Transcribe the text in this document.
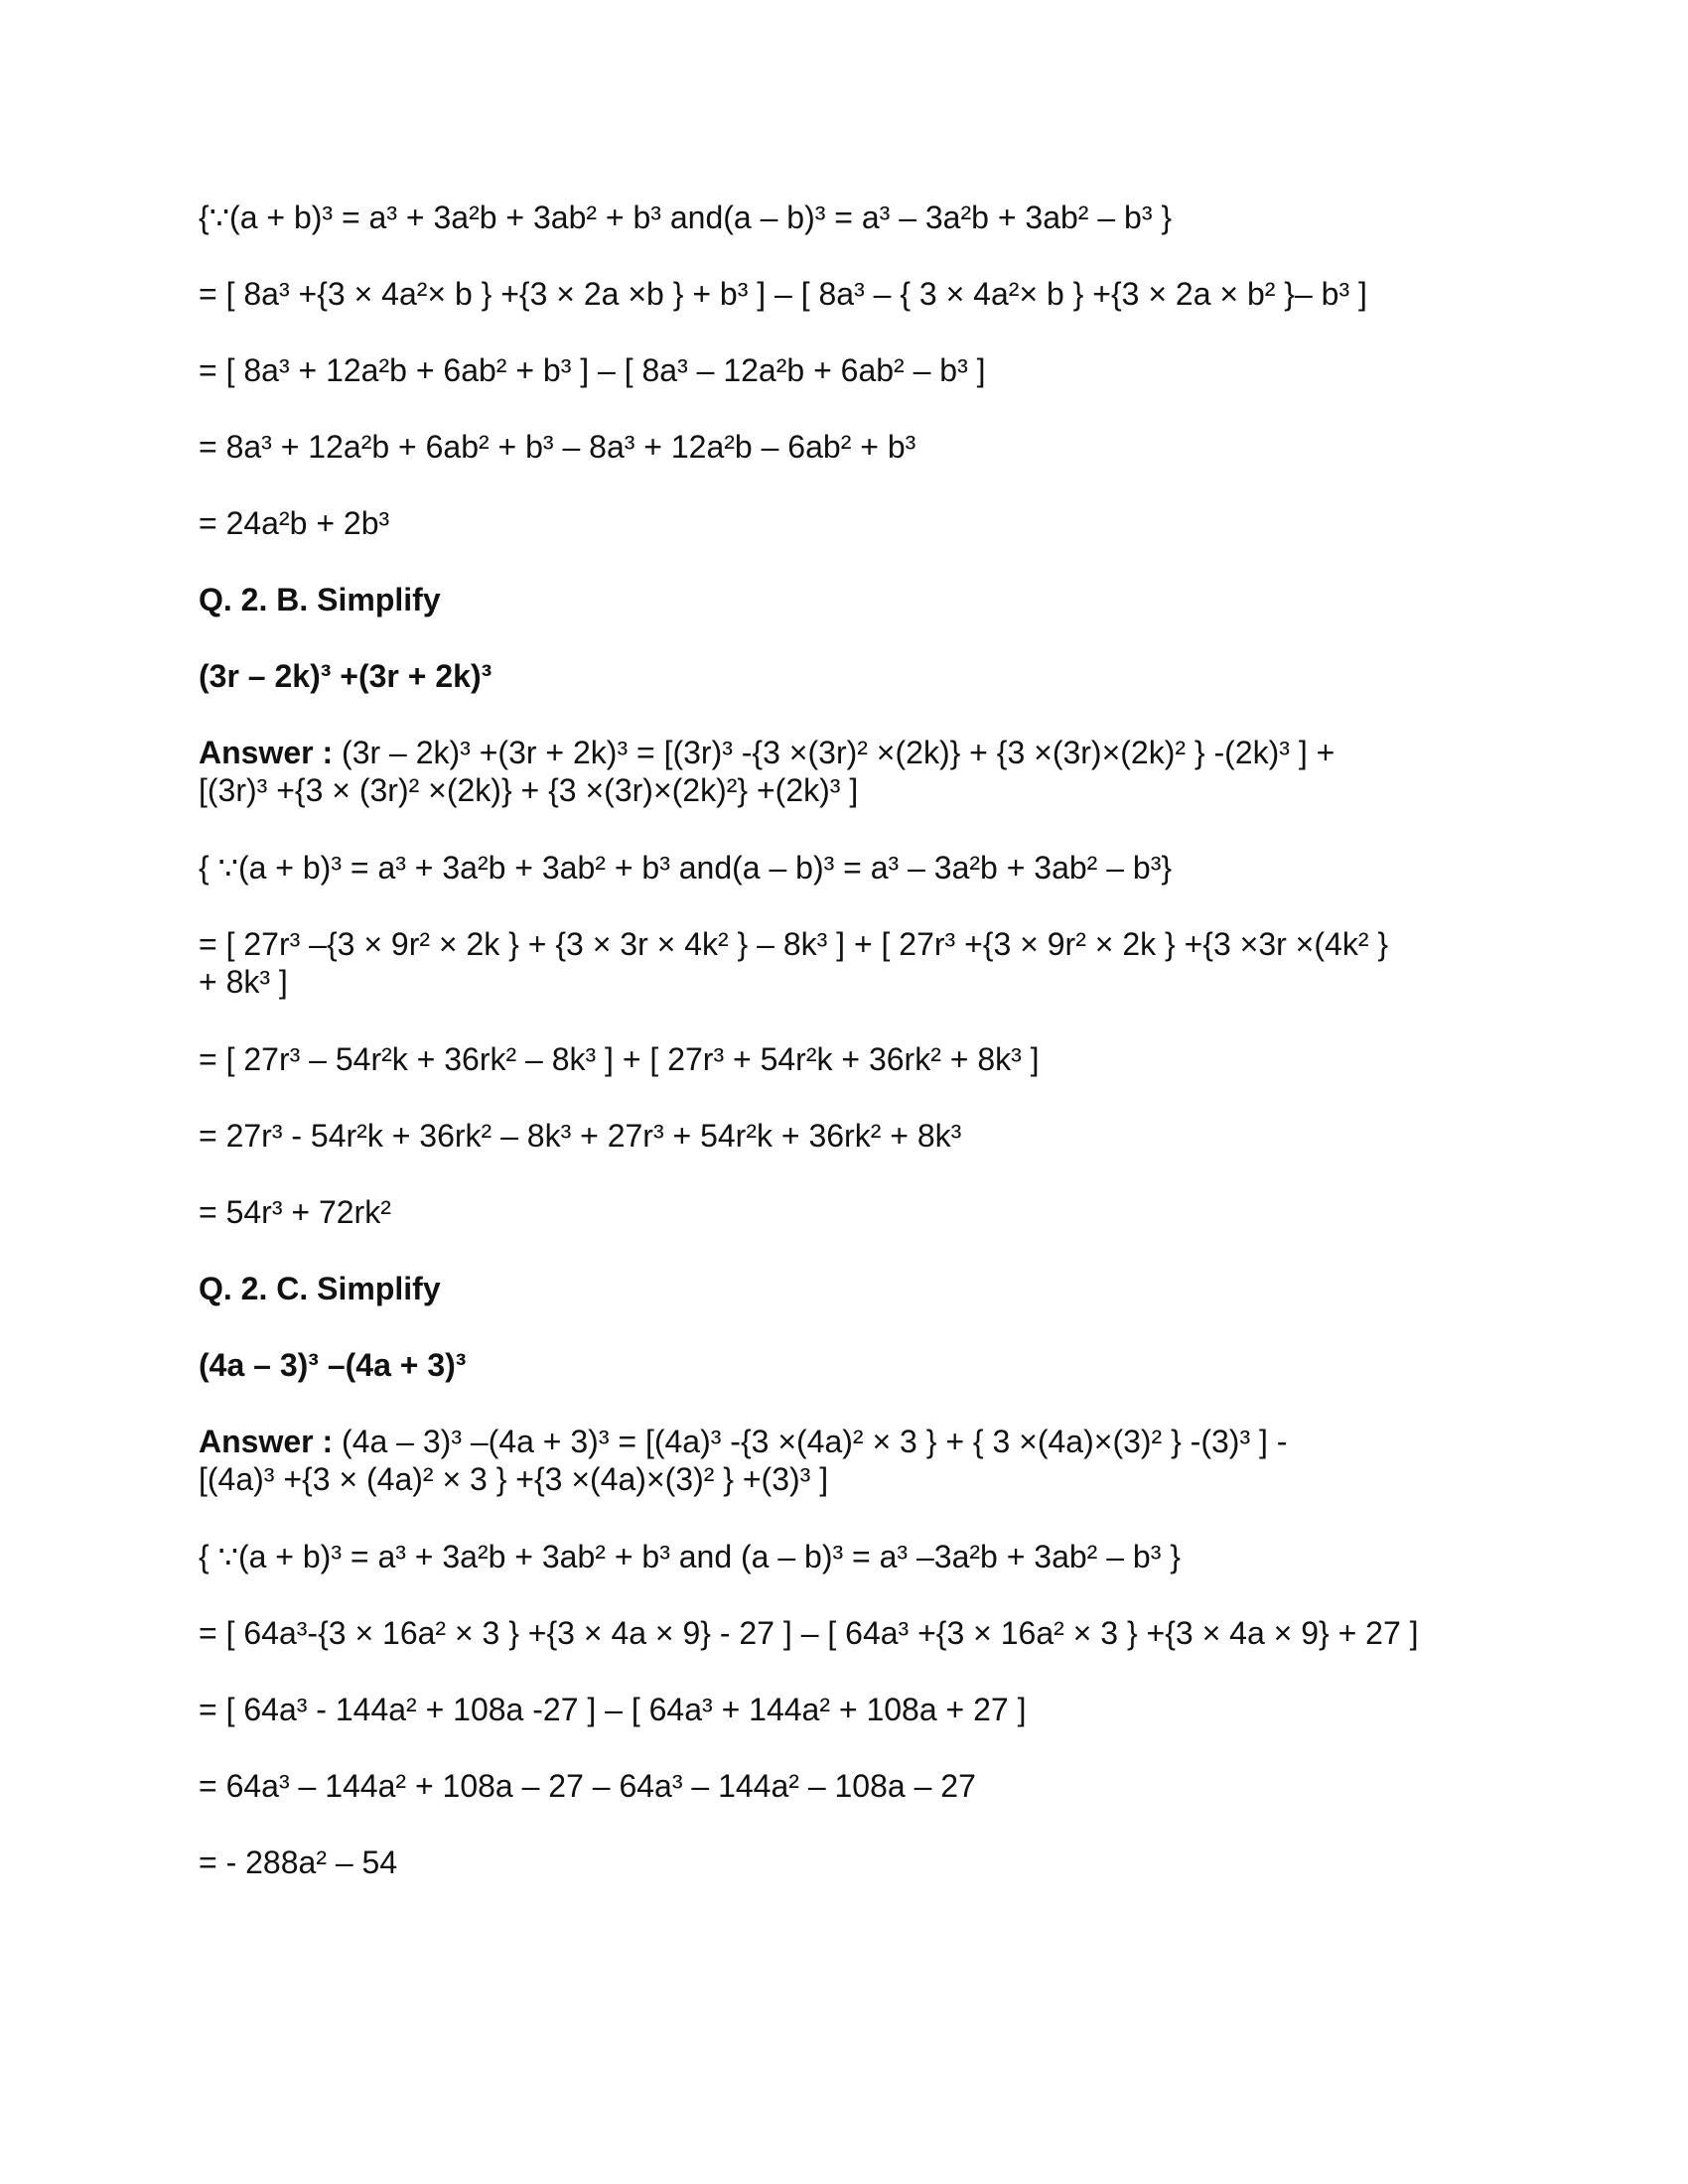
{∵(a + b)³ = a³ + 3a²b + 3ab² + b³ and(a – b)³ = a³ – 3a²b + 3ab² – b³ }
= [ 8a³ +{3 × 4a²× b } +{3 × 2a ×b } + b³ ] – [ 8a³ – { 3 × 4a²× b } +{3 × 2a × b² }– b³ ]
= [ 8a³ + 12a²b + 6ab² + b³ ] – [ 8a³ – 12a²b + 6ab² – b³ ]
= 8a³ + 12a²b + 6ab² + b³ – 8a³ + 12a²b – 6ab² + b³
= 24a²b + 2b³
Q. 2. B. Simplify
(3r – 2k)³ +(3r + 2k)³
Answer : (3r – 2k)³ +(3r + 2k)³ = [(3r)³ -{3 ×(3r)² ×(2k)} + {3 ×(3r)×(2k)² } -(2k)³ ] +
[(3r)³ +{3 × (3r)² ×(2k)} + {3 ×(3r)×(2k)²} +(2k)³ ]
{ ∵(a + b)³ = a³ + 3a²b + 3ab² + b³ and(a – b)³ = a³ – 3a²b + 3ab² – b³}
= [ 27r³ –{3 × 9r² × 2k } + {3 × 3r × 4k² } – 8k³ ] + [ 27r³ +{3 × 9r² × 2k } +{3 ×3r ×(4k² }
+ 8k³ ]
= [ 27r³ – 54r²k + 36rk² – 8k³ ] + [ 27r³ + 54r²k + 36rk² + 8k³ ]
= 27r³ - 54r²k + 36rk² – 8k³ + 27r³ + 54r²k + 36rk² + 8k³
= 54r³ + 72rk²
Q. 2. C. Simplify
(4a – 3)³ –(4a + 3)³
Answer : (4a – 3)³ –(4a + 3)³ = [(4a)³ -{3 ×(4a)² × 3 } + { 3 ×(4a)×(3)² } -(3)³ ] -
[(4a)³ +{3 × (4a)² × 3 } +{3 ×(4a)×(3)² } +(3)³ ]
{ ∵(a + b)³ = a³ + 3a²b + 3ab² + b³ and (a – b)³ = a³ –3a²b + 3ab² – b³ }
= [ 64a³-{3 × 16a² × 3 } +{3 × 4a × 9} - 27 ] – [ 64a³ +{3 × 16a² × 3 } +{3 × 4a × 9} + 27 ]
= [ 64a³ - 144a² + 108a -27 ] – [ 64a³ + 144a² + 108a + 27 ]
= 64a³ – 144a² + 108a – 27 – 64a³ – 144a² – 108a – 27
= - 288a² – 54
